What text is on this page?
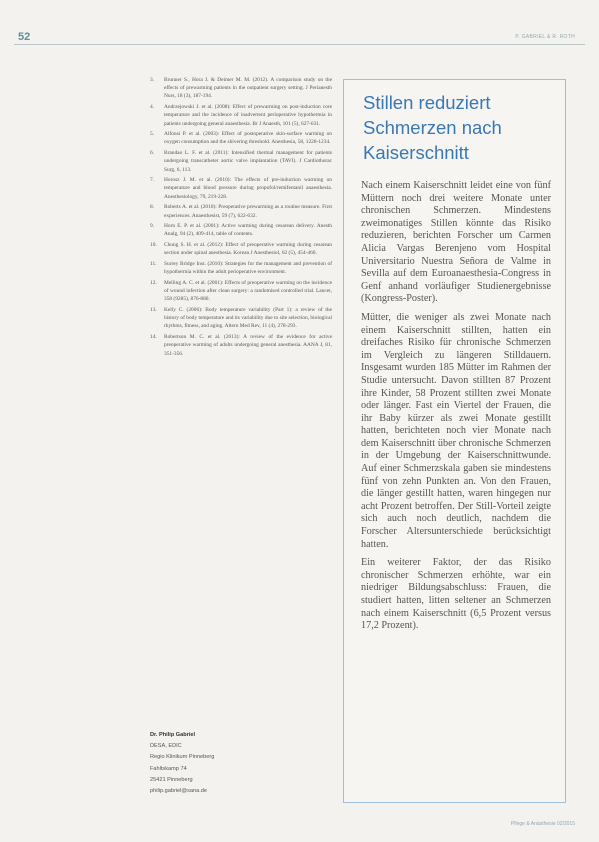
52	P. GABRIEL & R. ROTH
3. Brunner S., Hora J. & Deimer M. M. (2012). A comparison study on the effects of prewarming patients in the outpatient surgery setting. J Perianesth Nurs, 18 (3), 187-194.
4. Andrzejowski J. et al. (2008): Effect of prewarming on post-induction core temperature and the incidence of inadvertent perioperative hypothermia in patients undergoing general anaesthesia. Br J Anaesth, 101 (5), 627-631.
5. Alfonsi P. et al. (2003): Effect of postoperative skin-surface warming on oxygen consumption and the shivering threshold. Anesthesia, 58, 1228-1234.
6. Brandao L. F. et al. (2011): Intensified thermal management for patients undergoing transcatheter aortic valve implantation (TAVI). J Cardiothorac Surg, 6, 113.
7. Horosz J. M. et al. (2010): The effects of pre-induction warming on temperature and blood pressure during propofol/remifentanil anaesthesia. Anesthesiology, 79, 219-228.
8. Roberts A. et al. (2010): Preoperative prewarming as a routine measure. First experiences. Anaesthesist, 59 (7), 622-632.
9. Horn E. P. et al. (2001): Active warming during cesarean delivery. Anesth Analg, 94 (2), 409-414, table of contents.
10. Chung S. H. et al. (2012): Effect of preoperative warming during cesarean section under spinal anesthesia. Korean J Anesthesiol, 62 (5), 454-460.
11. Surrey Bridge Inst. (2010): Strategies for the management and prevention of hypothermia within the adult perioperative environment.
12. Melling A. C. et al. (2001): Effects of preoperative warming on the incidence of wound infection after clean surgery: a randomised controlled trial. Lancet, 358 (9285), 876-880.
13. Kelly C. (2006): Body temperature variability (Part 1): a review of the history of body temperature and its variability due to site selection, biological rhythms, fitness, and aging. Altern Med Rev, 11 (4), 278-293.
14. Robertson M. C. et al. (2013): A review of the evidence for active preoperative warming of adults undergoing general anesthesia. AANA J, 81, 351-356.
Dr. Philip Gabriel
DESA, EDIC
Regio Klinikum Pinneberg
Fahltskamp 74
25421 Pinneberg
philip.gabriel@sana.de
Stillen reduziert Schmerzen nach Kaiserschnitt

Nach einem Kaiserschnitt leidet eine von fünf Müttern noch drei weitere Monate unter chronischen Schmerzen. Mindestens zweimonatiges Stillen könnte das Risiko reduzieren, berichten Forscher um Carmen Alicia Vargas Berenjeno vom Hospital Universitario Nuestra Señora de Valme in Sevilla auf dem Euroanaesthesia-Congress in Genf anhand vorläufiger Studienergebnisse (Kongress-Poster).

Mütter, die weniger als zwei Monate nach einem Kaiserschnitt stillten, hatten ein dreifaches Risiko für chronische Schmerzen im Vergleich zu längeren Stilldauern. Insgesamt wurden 185 Mütter im Rahmen der Studie untersucht. Davon stillten 87 Prozent ihre Kinder, 58 Prozent stillten zwei Monate oder länger. Fast ein Viertel der Frauen, die ihr Baby kürzer als zwei Monate gestillt hatten, berichteten noch vier Monate nach dem Kaiserschnitt über chronische Schmerzen in der Umgebung der Kaiserschnittwunde. Auf einer Schmerzskala gaben sie mindestens fünf von zehn Punkten an. Von den Frauen, die länger gestillt hatten, waren hingegen nur acht Prozent betroffen. Der Still-Vorteil zeigte sich auch noch deutlich, nachdem die Forscher Altersunterschiede berücksichtigt hatten.

Ein weiterer Faktor, der das Risiko chronischer Schmerzen erhöhte, war ein niedriger Bildungsabschluss: Frauen, die studiert hatten, litten seltener an Schmerzen nach einem Kaiserschnitt (6,5 Prozent versus 17,2 Prozent).

Pflege & Anästhesie 02/2015
